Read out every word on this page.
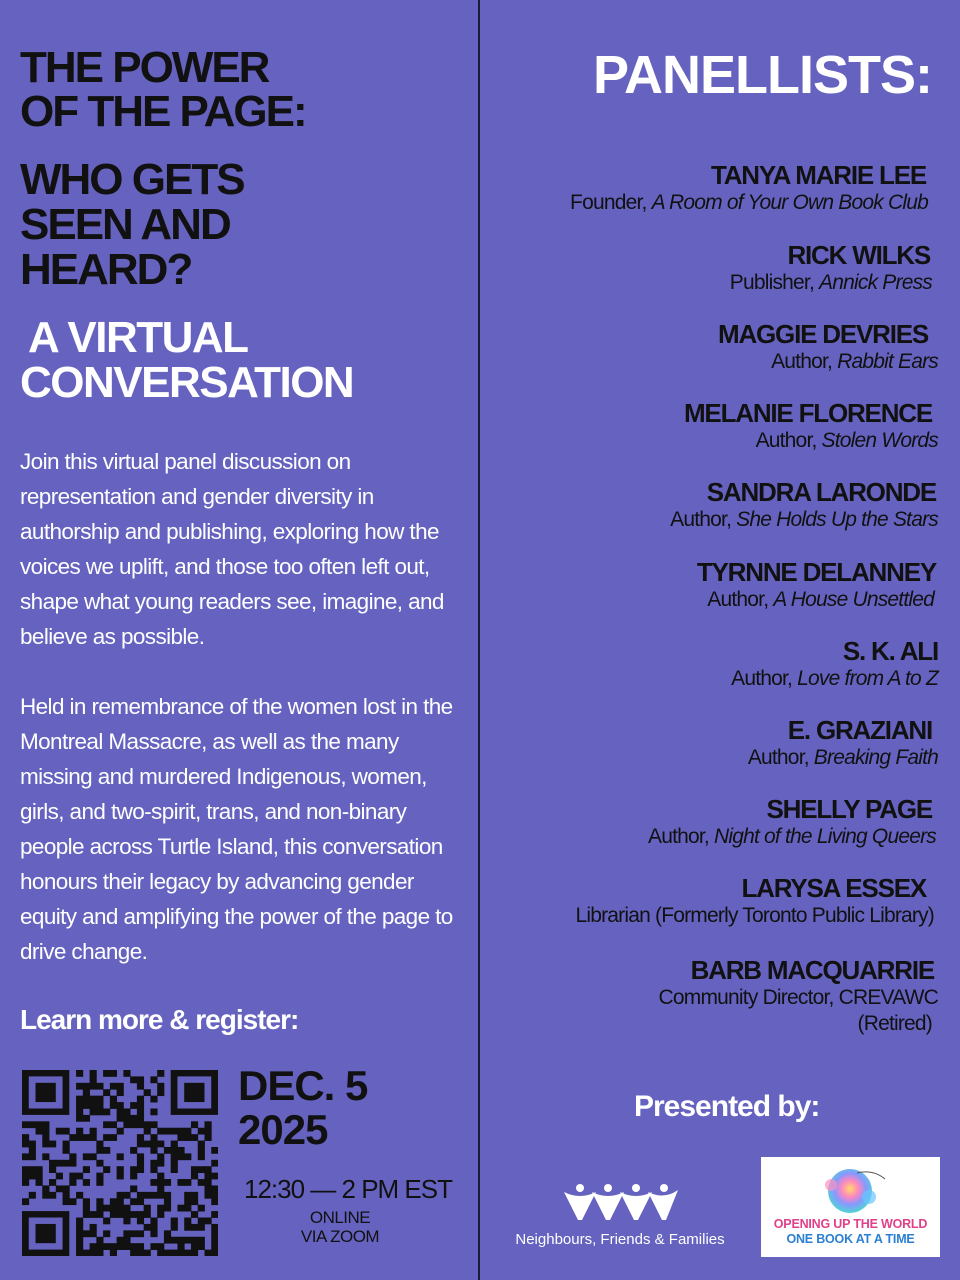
THE POWER
OF THE PAGE:
WHO GETS
SEEN AND
HEARD?
A VIRTUAL
CONVERSATION

Join this virtual panel discussion on representation and gender diversity in authorship and publishing, exploring how the voices we uplift, and those too often left out, shape what young readers see, imagine, and believe as possible.

Held in remembrance of the women lost in the Montreal Massacre, as well as the many missing and murdered Indigenous, women, girls, and two-spirit, trans, and non-binary people across Turtle Island, this conversation honours their legacy by advancing gender equity and amplifying the power of the page to drive change.

Learn more & register:
DEC. 5
2025
12:30 — 2 PM EST
ONLINE
VIA ZOOM
PANELLISTS:
TANYA MARIE LEE
Founder, A Room of Your Own Book Club
RICK WILKS
Publisher, Annick Press
MAGGIE DEVRIES
Author, Rabbit Ears
MELANIE FLORENCE
Author, Stolen Words
SANDRA LARONDE
Author, She Holds Up the Stars
TYRNNE DELANNEY
Author, A House Unsettled
S. K. ALI
Author, Love from A to Z
E. GRAZIANI
Author, Breaking Faith
SHELLY PAGE
Author, Night of the Living Queers
LARYSA ESSEX
Librarian (Formerly Toronto Public Library)
BARB MACQUARRIE
Community Director, CREVAWC
(Retired)
Presented by:
Neighbours, Friends & Families
OPENING UP THE WORLD
ONE BOOK AT A TIME
